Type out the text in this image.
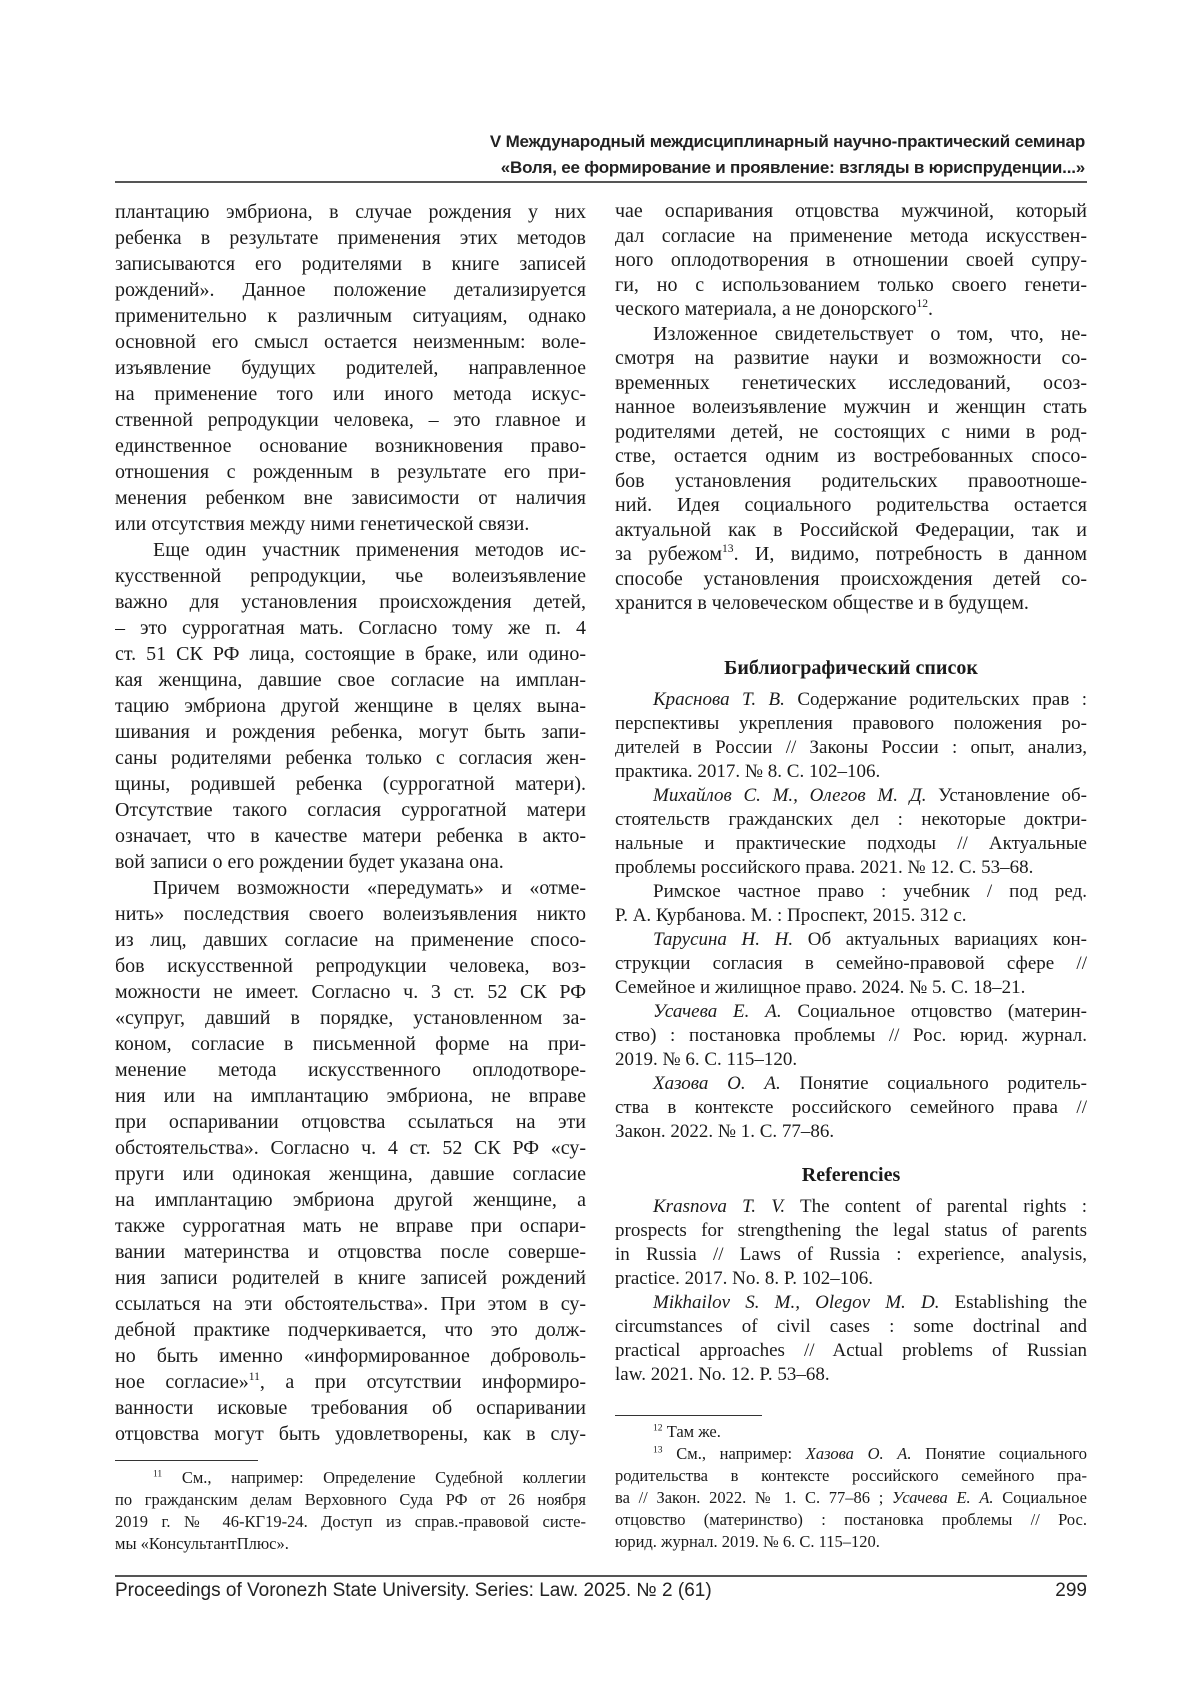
V Международный междисциплинарный научно-практический семинар
«Воля, ее формирование и проявление: взгляды в юриспруденции...»
плантацию эмбриона, в случае рождения у них
ребенка в результате применения этих методов
записываются его родителями в книге записей
рождений». Данное положение детализируется
применительно к различным ситуациям, однако
основной его смысл остается неизменным: воле-
изъявление будущих родителей, направленное
на применение того или иного метода искус-
ственной репродукции человека, – это главное и
единственное основание возникновения право-
отношения с рожденным в результате его при-
менения ребенком вне зависимости от наличия
или отсутствия между ними генетической связи.
Еще один участник применения методов ис-
кусственной репродукции, чье волеизъявление
важно для установления происхождения детей,
– это суррогатная мать. Согласно тому же п. 4
ст. 51 СК РФ лица, состоящие в браке, или одино-
кая женщина, давшие свое согласие на имплан-
тацию эмбриона другой женщине в целях вына-
шивания и рождения ребенка, могут быть запи-
саны родителями ребенка только с согласия жен-
щины, родившей ребенка (суррогатной матери).
Отсутствие такого согласия суррогатной матери
означает, что в качестве матери ребенка в акто-
вой записи о его рождении будет указана она.
Причем возможности «передумать» и «отме-
нить» последствия своего волеизъявления никто
из лиц, давших согласие на применение спосо-
бов искусственной репродукции человека, воз-
можности не имеет. Согласно ч. 3 ст. 52 СК РФ
«супруг, давший в порядке, установленном за-
коном, согласие в письменной форме на при-
менение метода искусственного оплодотворе-
ния или на имплантацию эмбриона, не вправе
при оспаривании отцовства ссылаться на эти
обстоятельства». Согласно ч. 4 ст. 52 СК РФ «су-
пруги или одинокая женщина, давшие согласие
на имплантацию эмбриона другой женщине, а
также суррогатная мать не вправе при оспари-
вании материнства и отцовства после соверше-
ния записи родителей в книге записей рождений
ссылаться на эти обстоятельства». При этом в су-
дебной практике подчеркивается, что это долж-
но быть именно «информированное доброволь-
ное согласие»11, а при отсутствии информиро-
ванности исковые требования об оспаривании
отцовства могут быть удовлетворены, как в слу-
11 См., например: Определение Судебной коллегии
по гражданским делам Верховного Суда РФ от 26 ноября
2019 г. № 46-КГ19-24. Доступ из справ.-правовой систе-
мы «КонсультантПлюс».
чае оспаривания отцовства мужчиной, который
дал согласие на применение метода искусствен-
ного оплодотворения в отношении своей супру-
ги, но с использованием только своего генети-
ческого материала, а не донорского12.
Изложенное свидетельствует о том, что, не-
смотря на развитие науки и возможности со-
временных генетических исследований, осоз-
нанное волеизъявление мужчин и женщин стать
родителями детей, не состоящих с ними в род-
стве, остается одним из востребованных спосо-
бов установления родительских правоотноше-
ний. Идея социального родительства остается
актуальной как в Российской Федерации, так и
за рубежом13. И, видимо, потребность в данном
способе установления происхождения детей со-
хранится в человеческом обществе и в будущем.
Библиографический список
Краснова Т. В. Содержание родительских прав :
перспективы укрепления правового положения ро-
дителей в России // Законы России : опыт, анализ,
практика. 2017. № 8. С. 102–106.
Михайлов С. М., Олегов М. Д. Установление об-
стоятельств гражданских дел : некоторые доктри-
нальные и практические подходы // Актуальные
проблемы российского права. 2021. № 12. С. 53–68.
Римское частное право : учебник / под ред.
Р. А. Курбанова. М. : Проспект, 2015. 312 с.
Тарусина Н. Н. Об актуальных вариациях кон-
струкции согласия в семейно-правовой сфере //
Семейное и жилищное право. 2024. № 5. С. 18–21.
Усачева Е. А. Социальное отцовство (материн-
ство) : постановка проблемы // Рос. юрид. журнал.
2019. № 6. С. 115–120.
Хазова О. А. Понятие социального родитель-
ства в контексте российского семейного права //
Закон. 2022. № 1. С. 77–86.
Referencies
Krasnova T. V. The content of parental rights :
prospects for strengthening the legal status of parents
in Russia // Laws of Russia : experience, analysis,
practice. 2017. No. 8. P. 102–106.
Mikhailov S. M., Olegov M. D. Establishing the
circumstances of civil cases : some doctrinal and
practical approaches // Actual problems of Russian
law. 2021. No. 12. P. 53–68.
12 Там же.
13 См., например: Хазова О. А. Понятие социального
родительства в контексте российского семейного пра-
ва // Закон. 2022. № 1. С. 77–86 ; Усачева Е. А. Социальное
отцовство (материнство) : постановка проблемы // Рос.
юрид. журнал. 2019. № 6. С. 115–120.
Proceedings of Voronezh State University. Series: Law. 2025. № 2 (61)	299
